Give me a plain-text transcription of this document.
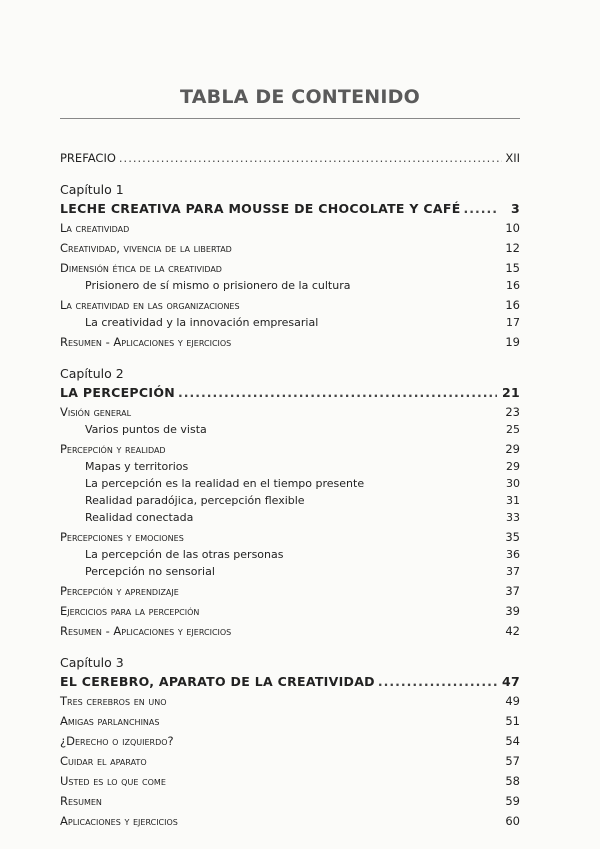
TABLA DE CONTENIDO
PREFACIO .....	XII
Capítulo 1
LECHE CREATIVA PARA MOUSSE DE CHOCOLATE Y CAFÉ .....	3
La creatividad	10
Creatividad, vivencia de la libertad	12
Dimensión ética de la creatividad	15
Prisionero de sí mismo o prisionero de la cultura	16
La creatividad en las organizaciones	16
La creatividad y la innovación empresarial	17
Resumen - Aplicaciones y ejercicios	19
Capítulo 2
LA PERCEPCIÓN .....	21
Visión general	23
Varios puntos de vista	25
Percepción y realidad	29
Mapas y territorios	29
La percepción es la realidad en el tiempo presente	30
Realidad paradójica, percepción flexible	31
Realidad conectada	33
Percepciones y emociones	35
La percepción de las otras personas	36
Percepción no sensorial	37
Percepción y aprendizaje	37
Ejercicios para la percepción	39
Resumen - Aplicaciones y ejercicios	42
Capítulo 3
EL CEREBRO, APARATO DE LA CREATIVIDAD .....	47
Tres cerebros en uno	49
Amigas parlanchinas	51
¿Derecho o izquierdo?	54
Cuidar el aparato	57
Usted es lo que come	58
Resumen	59
Aplicaciones y ejercicios	60
